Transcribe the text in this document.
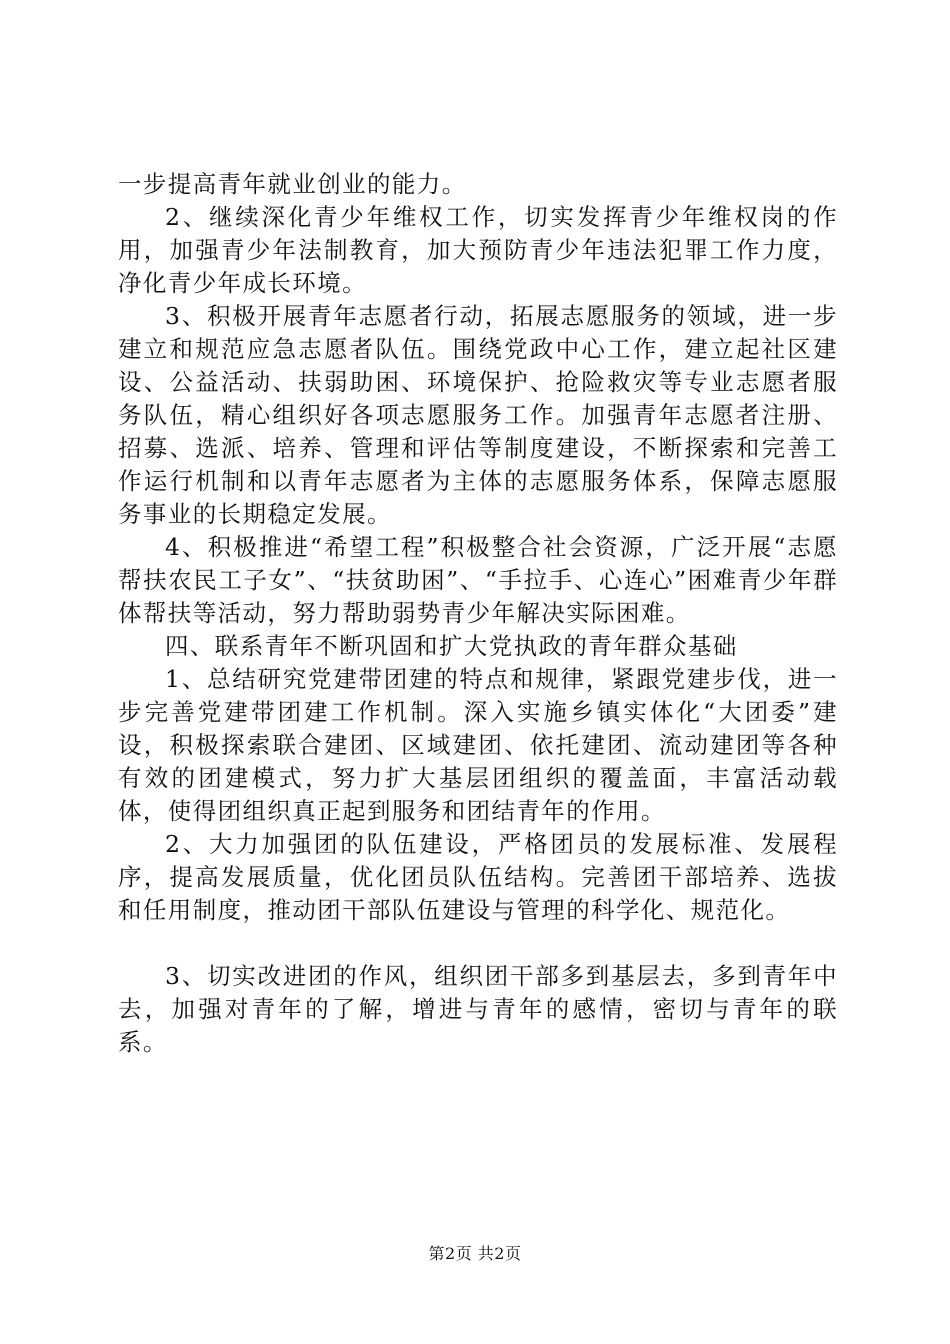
一步提高青年就业创业的能力。

2、继续深化青少年维权工作，切实发挥青少年维权岗的作用，加强青少年法制教育，加大预防青少年违法犯罪工作力度，净化青少年成长环境。

3、积极开展青年志愿者行动，拓展志愿服务的领域，进一步建立和规范应急志愿者队伍。围绕党政中心工作，建立起社区建设、公益活动、扶弱助困、环境保护、抢险救灾等专业志愿者服务队伍，精心组织好各项志愿服务工作。加强青年志愿者注册、招募、选派、培养、管理和评估等制度建设，不断探索和完善工作运行机制和以青年志愿者为主体的志愿服务体系，保障志愿服务事业的长期稳定发展。

4、积极推进“希望工程”积极整合社会资源，广泛开展“志愿帮扶农民工子女”、“扶贫助困”、“手拉手、心连心”困难青少年群体帮扶等活动，努力帮助弱势青少年解决实际困难。

四、联系青年不断巩固和扩大党执政的青年群众基础

1、总结研究党建带团建的特点和规律，紧跟党建步伐，进一步完善党建带团建工作机制。深入实施乡镇实体化“大团委”建设，积极探索联合建团、区域建团、依托建团、流动建团等各种有效的团建模式，努力扩大基层团组织的覆盖面，丰富活动载体，使得团组织真正起到服务和团结青年的作用。

2、大力加强团的队伍建设，严格团员的发展标准、发展程序，提高发展质量，优化团员队伍结构。完善团干部培养、选拔和任用制度，推动团干部队伍建设与管理的科学化、规范化。

3、切实改进团的作风，组织团干部多到基层去，多到青年中去，加强对青年的了解，增进与青年的感情，密切与青年的联系。

第2页 共2页
